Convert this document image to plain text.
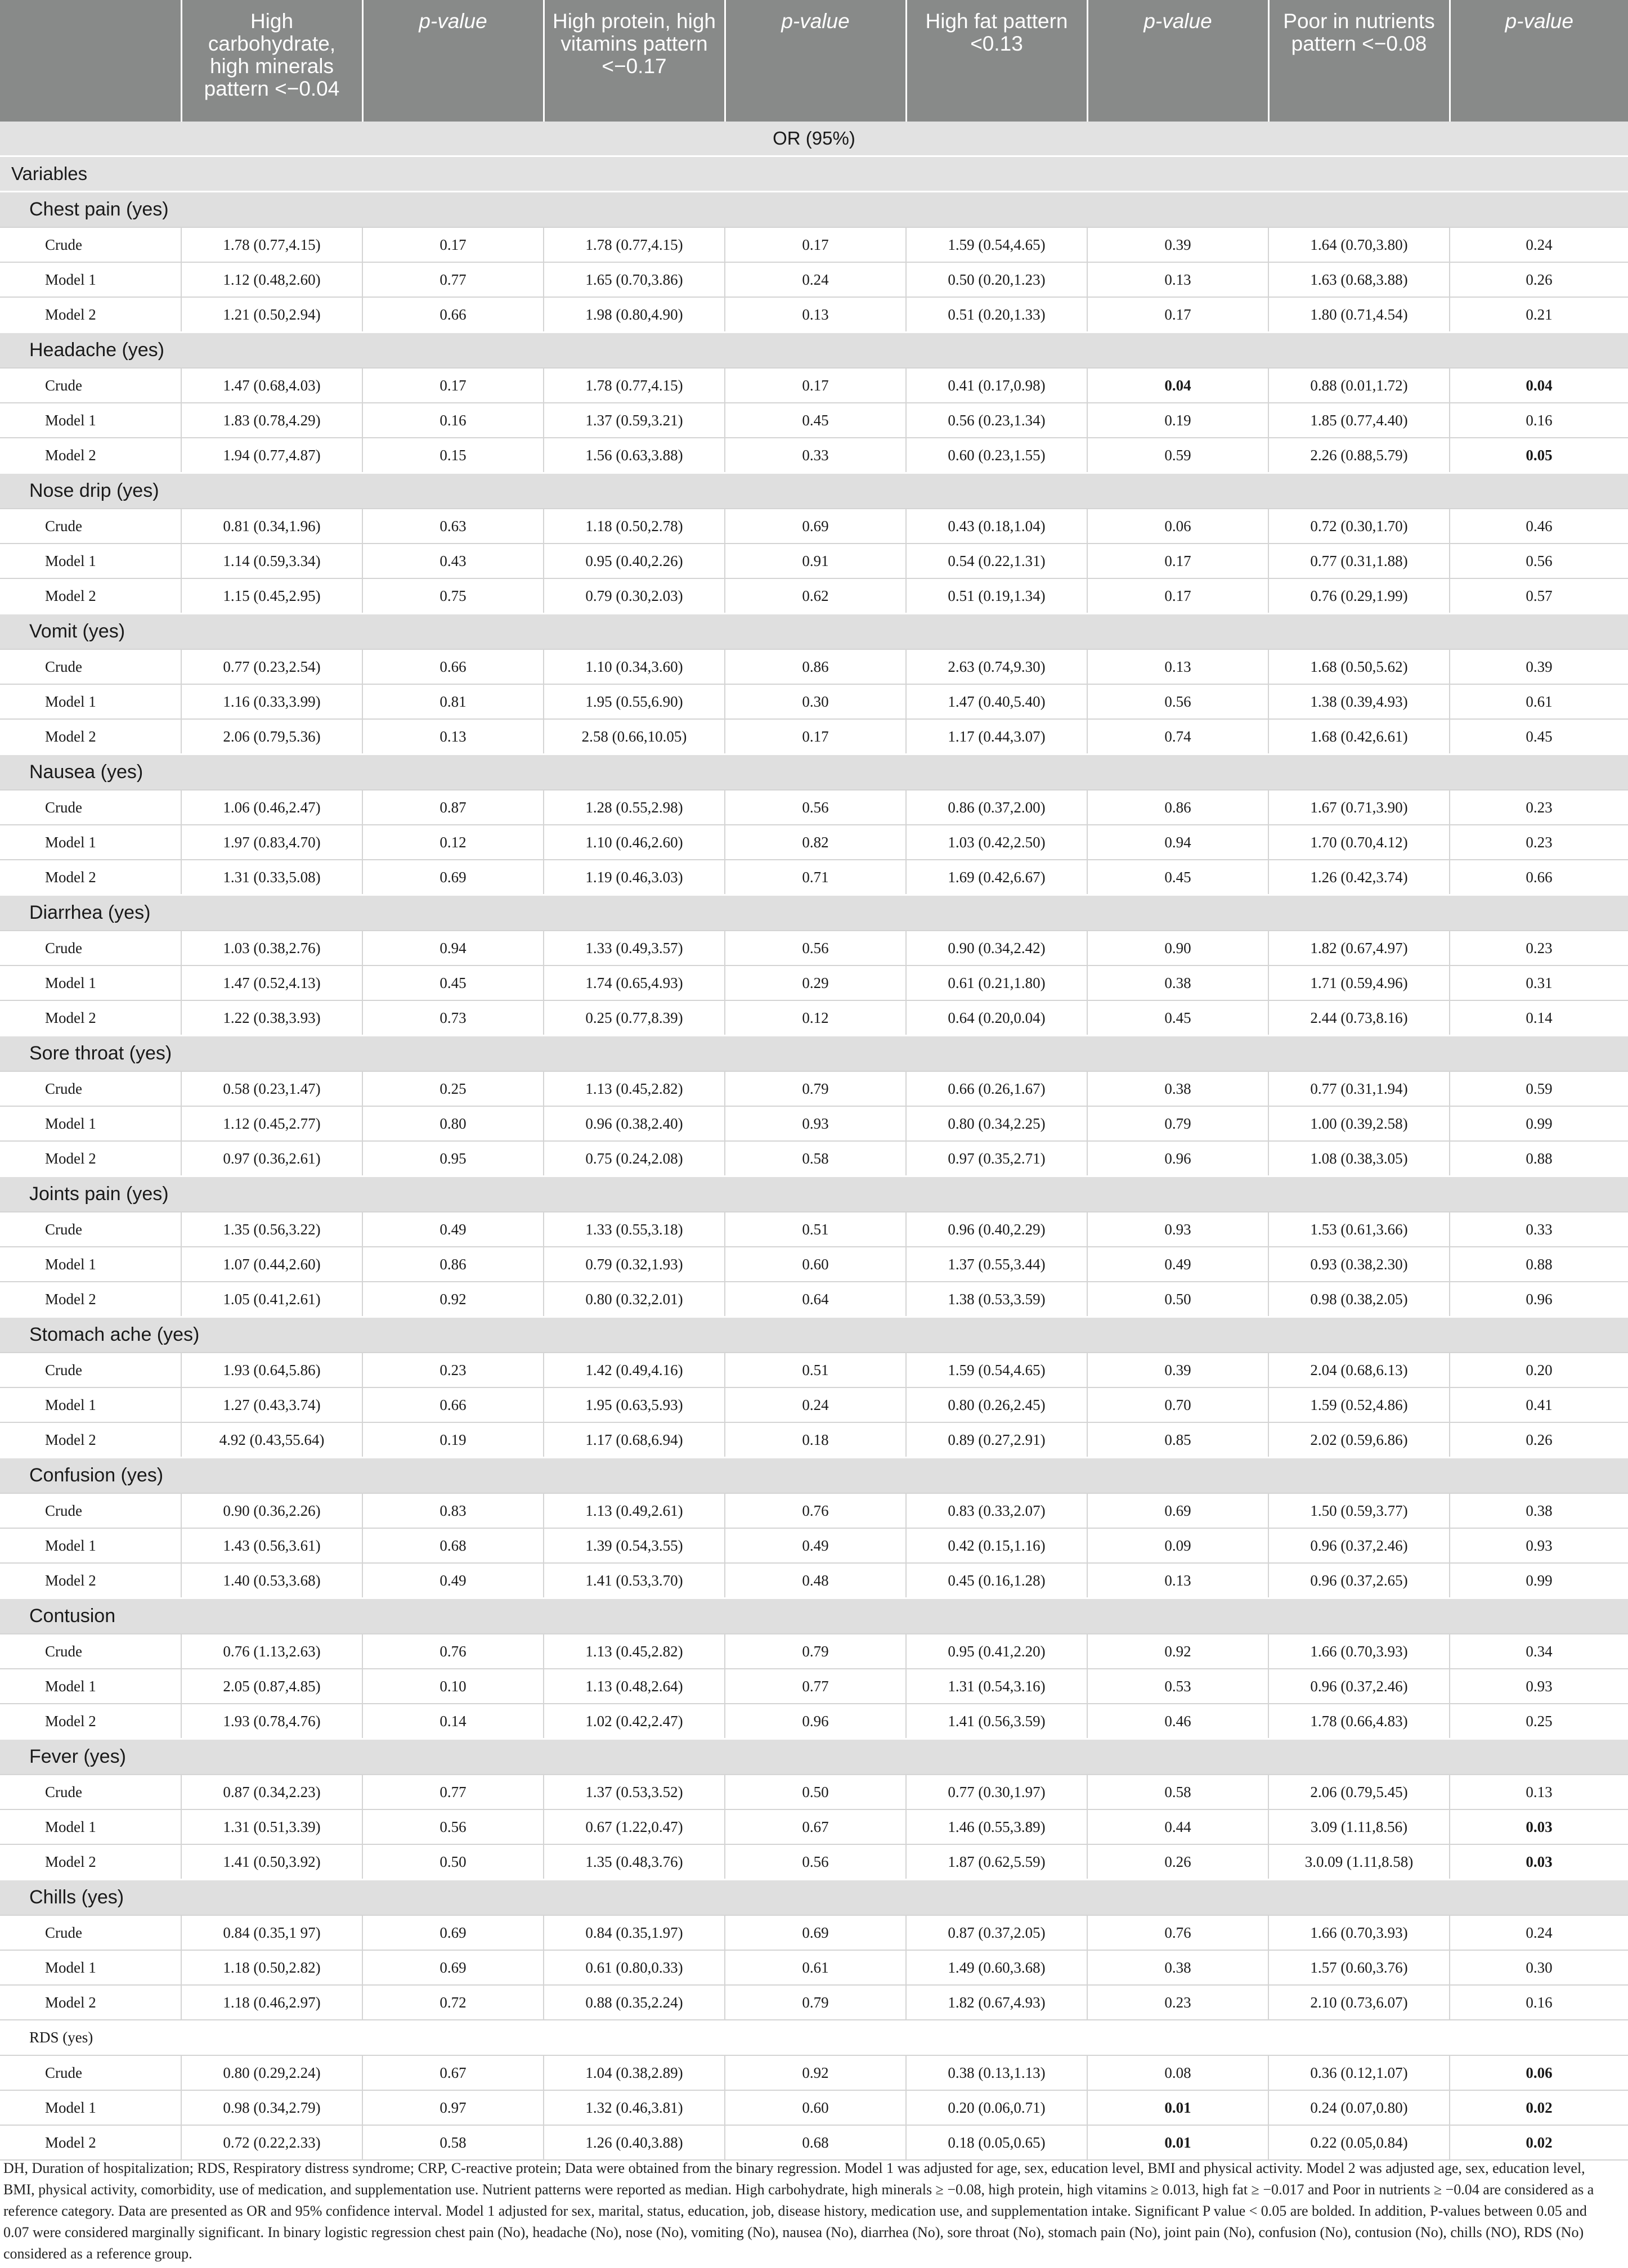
	High carbohydrate, high minerals pattern <−0.04	p-value	High protein, high vitamins pattern <−0.17	p-value	High fat pattern <0.13	p-value	Poor in nutrients pattern <−0.08	p-value
OR (95%)								
Variables								
Chest pain (yes)								
Crude	1.78 (0.77,4.15)	0.17	1.78 (0.77,4.15)	0.17	1.59 (0.54,4.65)	0.39	1.64 (0.70,3.80)	0.24
Model 1	1.12 (0.48,2.60)	0.77	1.65 (0.70,3.86)	0.24	0.50 (0.20,1.23)	0.13	1.63 (0.68,3.88)	0.26
Model 2	1.21 (0.50,2.94)	0.66	1.98 (0.80,4.90)	0.13	0.51 (0.20,1.33)	0.17	1.80 (0.71,4.54)	0.21
Headache (yes)								
Crude	1.47 (0.68,4.03)	0.17	1.78 (0.77,4.15)	0.17	0.41 (0.17,0.98)	0.04	0.88 (0.01,1.72)	0.04
Model 1	1.83 (0.78,4.29)	0.16	1.37 (0.59,3.21)	0.45	0.56 (0.23,1.34)	0.19	1.85 (0.77,4.40)	0.16
Model 2	1.94 (0.77,4.87)	0.15	1.56 (0.63,3.88)	0.33	0.60 (0.23,1.55)	0.59	2.26 (0.88,5.79)	0.05
Nose drip (yes)								
Crude	0.81 (0.34,1.96)	0.63	1.18 (0.50,2.78)	0.69	0.43 (0.18,1.04)	0.06	0.72 (0.30,1.70)	0.46
Model 1	1.14 (0.59,3.34)	0.43	0.95 (0.40,2.26)	0.91	0.54 (0.22,1.31)	0.17	0.77 (0.31,1.88)	0.56
Model 2	1.15 (0.45,2.95)	0.75	0.79 (0.30,2.03)	0.62	0.51 (0.19,1.34)	0.17	0.76 (0.29,1.99)	0.57
Vomit (yes)								
Crude	0.77 (0.23,2.54)	0.66	1.10 (0.34,3.60)	0.86	2.63 (0.74,9.30)	0.13	1.68 (0.50,5.62)	0.39
Model 1	1.16 (0.33,3.99)	0.81	1.95 (0.55,6.90)	0.30	1.47 (0.40,5.40)	0.56	1.38 (0.39,4.93)	0.61
Model 2	2.06 (0.79,5.36)	0.13	2.58 (0.66,10.05)	0.17	1.17 (0.44,3.07)	0.74	1.68 (0.42,6.61)	0.45
Nausea (yes)								
Crude	1.06 (0.46,2.47)	0.87	1.28 (0.55,2.98)	0.56	0.86 (0.37,2.00)	0.86	1.67 (0.71,3.90)	0.23
Model 1	1.97 (0.83,4.70)	0.12	1.10 (0.46,2.60)	0.82	1.03 (0.42,2.50)	0.94	1.70 (0.70,4.12)	0.23
Model 2	1.31 (0.33,5.08)	0.69	1.19 (0.46,3.03)	0.71	1.69 (0.42,6.67)	0.45	1.26 (0.42,3.74)	0.66
Diarrhea (yes)								
Crude	1.03 (0.38,2.76)	0.94	1.33 (0.49,3.57)	0.56	0.90 (0.34,2.42)	0.90	1.82 (0.67,4.97)	0.23
Model 1	1.47 (0.52,4.13)	0.45	1.74 (0.65,4.93)	0.29	0.61 (0.21,1.80)	0.38	1.71 (0.59,4.96)	0.31
Model 2	1.22 (0.38,3.93)	0.73	0.25 (0.77,8.39)	0.12	0.64 (0.20,0.04)	0.45	2.44 (0.73,8.16)	0.14
Sore throat (yes)								
Crude	0.58 (0.23,1.47)	0.25	1.13 (0.45,2.82)	0.79	0.66 (0.26,1.67)	0.38	0.77 (0.31,1.94)	0.59
Model 1	1.12 (0.45,2.77)	0.80	0.96 (0.38,2.40)	0.93	0.80 (0.34,2.25)	0.79	1.00 (0.39,2.58)	0.99
Model 2	0.97 (0.36,2.61)	0.95	0.75 (0.24,2.08)	0.58	0.97 (0.35,2.71)	0.96	1.08 (0.38,3.05)	0.88
Joints pain (yes)								
Crude	1.35 (0.56,3.22)	0.49	1.33 (0.55,3.18)	0.51	0.96 (0.40,2.29)	0.93	1.53 (0.61,3.66)	0.33
Model 1	1.07 (0.44,2.60)	0.86	0.79 (0.32,1.93)	0.60	1.37 (0.55,3.44)	0.49	0.93 (0.38,2.30)	0.88
Model 2	1.05 (0.41,2.61)	0.92	0.80 (0.32,2.01)	0.64	1.38 (0.53,3.59)	0.50	0.98 (0.38,2.05)	0.96
Stomach ache (yes)								
Crude	1.93 (0.64,5.86)	0.23	1.42 (0.49,4.16)	0.51	1.59 (0.54,4.65)	0.39	2.04 (0.68,6.13)	0.20
Model 1	1.27 (0.43,3.74)	0.66	1.95 (0.63,5.93)	0.24	0.80 (0.26,2.45)	0.70	1.59 (0.52,4.86)	0.41
Model 2	4.92 (0.43,55.64)	0.19	1.17 (0.68,6.94)	0.18	0.89 (0.27,2.91)	0.85	2.02 (0.59,6.86)	0.26
Confusion (yes)								
Crude	0.90 (0.36,2.26)	0.83	1.13 (0.49,2.61)	0.76	0.83 (0.33,2.07)	0.69	1.50 (0.59,3.77)	0.38
Model 1	1.43 (0.56,3.61)	0.68	1.39 (0.54,3.55)	0.49	0.42 (0.15,1.16)	0.09	0.96 (0.37,2.46)	0.93
Model 2	1.40 (0.53,3.68)	0.49	1.41 (0.53,3.70)	0.48	0.45 (0.16,1.28)	0.13	0.96 (0.37,2.65)	0.99
Contusion								
Crude	0.76 (1.13,2.63)	0.76	1.13 (0.45,2.82)	0.79	0.95 (0.41,2.20)	0.92	1.66 (0.70,3.93)	0.34
Model 1	2.05 (0.87,4.85)	0.10	1.13 (0.48,2.64)	0.77	1.31 (0.54,3.16)	0.53	0.96 (0.37,2.46)	0.93
Model 2	1.93 (0.78,4.76)	0.14	1.02 (0.42,2.47)	0.96	1.41 (0.56,3.59)	0.46	1.78 (0.66,4.83)	0.25
Fever (yes)								
Crude	0.87 (0.34,2.23)	0.77	1.37 (0.53,3.52)	0.50	0.77 (0.30,1.97)	0.58	2.06 (0.79,5.45)	0.13
Model 1	1.31 (0.51,3.39)	0.56	0.67 (1.22,0.47)	0.67	1.46 (0.55,3.89)	0.44	3.09 (1.11,8.56)	0.03
Model 2	1.41 (0.50,3.92)	0.50	1.35 (0.48,3.76)	0.56	1.87 (0.62,5.59)	0.26	3.0.09 (1.11,8.58)	0.03
Chills (yes)								
Crude	0.84 (0.35,1 97)	0.69	0.84 (0.35,1.97)	0.69	0.87 (0.37,2.05)	0.76	1.66 (0.70,3.93)	0.24
Model 1	1.18 (0.50,2.82)	0.69	0.61 (0.80,0.33)	0.61	1.49 (0.60,3.68)	0.38	1.57 (0.60,3.76)	0.30
Model 2	1.18 (0.46,2.97)	0.72	0.88 (0.35,2.24)	0.79	1.82 (0.67,4.93)	0.23	2.10 (0.73,6.07)	0.16
RDS (yes)								
Crude	0.80 (0.29,2.24)	0.67	1.04 (0.38,2.89)	0.92	0.38 (0.13,1.13)	0.08	0.36 (0.12,1.07)	0.06
Model 1	0.98 (0.34,2.79)	0.97	1.32 (0.46,3.81)	0.60	0.20 (0.06,0.71)	0.01	0.24 (0.07,0.80)	0.02
Model 2	0.72 (0.22,2.33)	0.58	1.26 (0.40,3.88)	0.68	0.18 (0.05,0.65)	0.01	0.22 (0.05,0.84)	0.02
DH, Duration of hospitalization; RDS, Respiratory distress syndrome; CRP, C-reactive protein; Data were obtained from the binary regression. Model 1 was adjusted for age, sex, education level, BMI and physical activity. Model 2 was adjusted age, sex, education level, BMI, physical activity, comorbidity, use of medication, and supplementation use. Nutrient patterns were reported as median. High carbohydrate, high minerals ≥ −0.08, high protein, high vitamins ≥ 0.013, high fat ≥ −0.017 and Poor in nutrients ≥ −0.04 are considered as a reference category. Data are presented as OR and 95% confidence interval. Model 1 adjusted for sex, marital, status, education, job, disease history, medication use, and supplementation intake. Significant P value < 0.05 are bolded. In addition, P-values between 0.05 and 0.07 were considered marginally significant. In binary logistic regression chest pain (No), headache (No), nose (No), vomiting (No), nausea (No), diarrhea (No), sore throat (No), stomach pain (No), joint pain (No), confusion (No), contusion (No), chills (NO), RDS (No) considered as a reference group.
